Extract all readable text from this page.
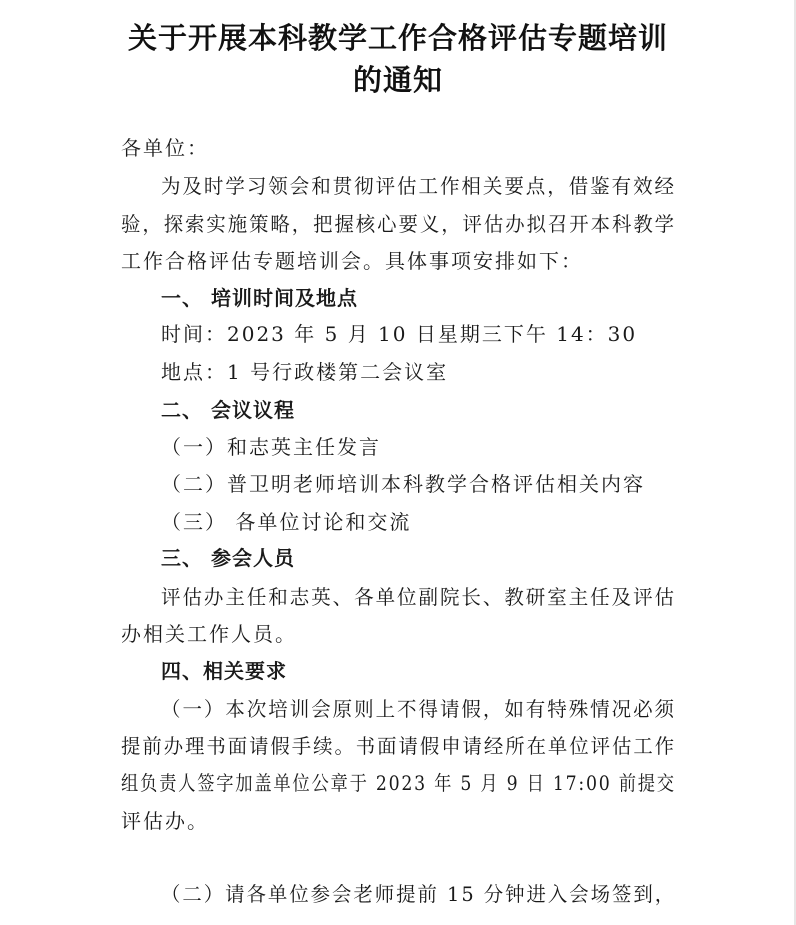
关于开展本科教学工作合格评估专题培训
的通知
各单位：
为及时学习领会和贯彻评估工作相关要点，借鉴有效经
验，探索实施策略，把握核心要义，评估办拟召开本科教学
工作合格评估专题培训会。具体事项安排如下：
一、 培训时间及地点
时间：2023 年 5 月 10 日星期三下午 14：30
地点：1 号行政楼第二会议室
二、 会议议程
（一）和志英主任发言
（二）普卫明老师培训本科教学合格评估相关内容
（三） 各单位讨论和交流
三、 参会人员
评估办主任和志英、各单位副院长、教研室主任及评估
办相关工作人员。
四、相关要求
（一）本次培训会原则上不得请假，如有特殊情况必须
提前办理书面请假手续。书面请假申请经所在单位评估工作
组负责人签字加盖单位公章于 2023 年 5 月 9 日 17:00 前提交
评估办。
（二）请各单位参会老师提前 15 分钟进入会场签到，
